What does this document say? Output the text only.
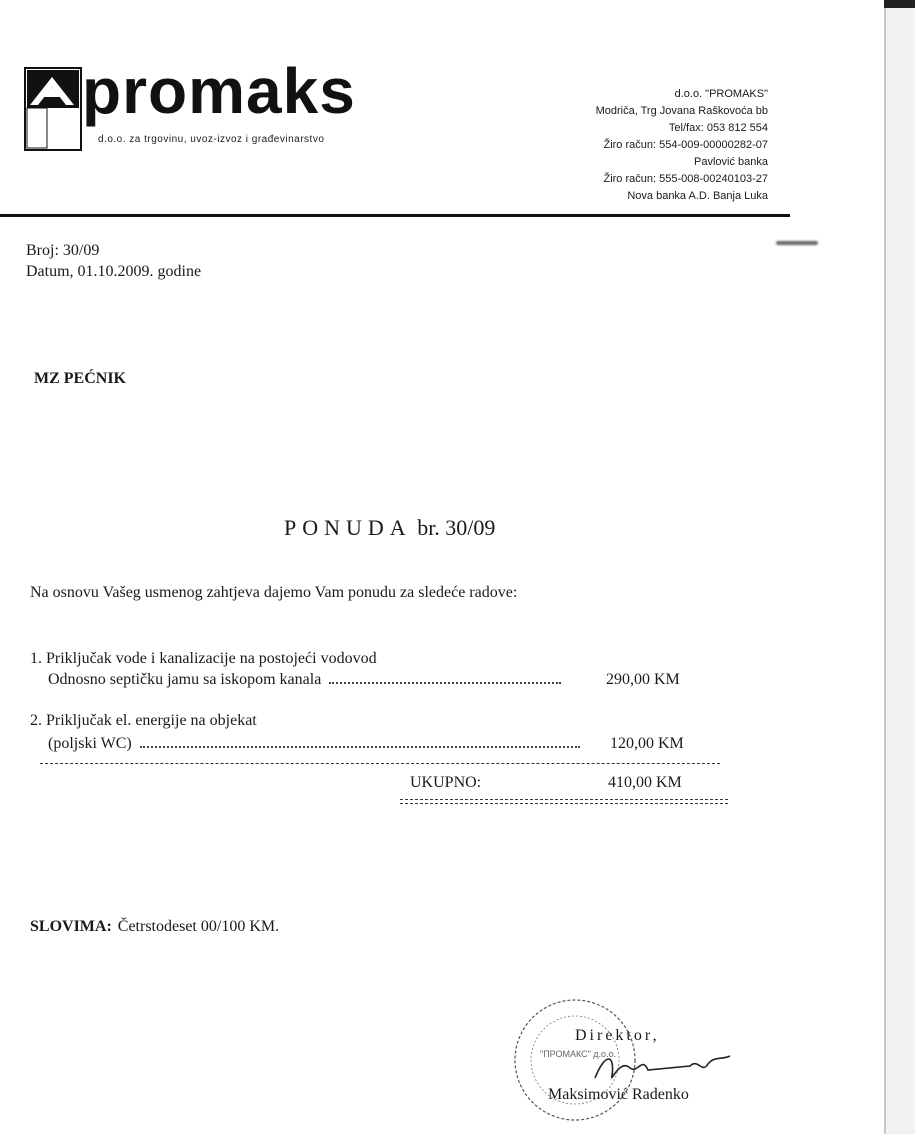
promaks
d.o.o. za trgovinu, uvoz-izvoz i građevinarstvo
d.o.o. "PROMAKS"
Modriča, Trg Jovana Raškovoća bb
Tel/fax: 053 812 554
Žiro račun: 554-009-00000282-07
Pavlović banka
Žiro račun: 555-008-00240103-27
Nova banka A.D. Banja Luka
Broj: 30/09
Datum, 01.10.2009. godine
MZ PEĆNIK
PONUDA br. 30/09
Na osnovu Vašeg usmenog zahtjeva dajemo Vam ponudu za sledeće radove:
1. Priključak vode i kanalizacije na postojeći vodovod
Odnosno septičku jamu sa iskopom kanala	290,00 KM
2. Priključak el. energije na objekat
(poljski WC)	120,00 KM
UKUPNO:	410,00 KM
SLOVIMA: Četrstodeset 00/100 KM.
"ПРОМАКС" д.о.о.
Direktor,
Maksimović Radenko
